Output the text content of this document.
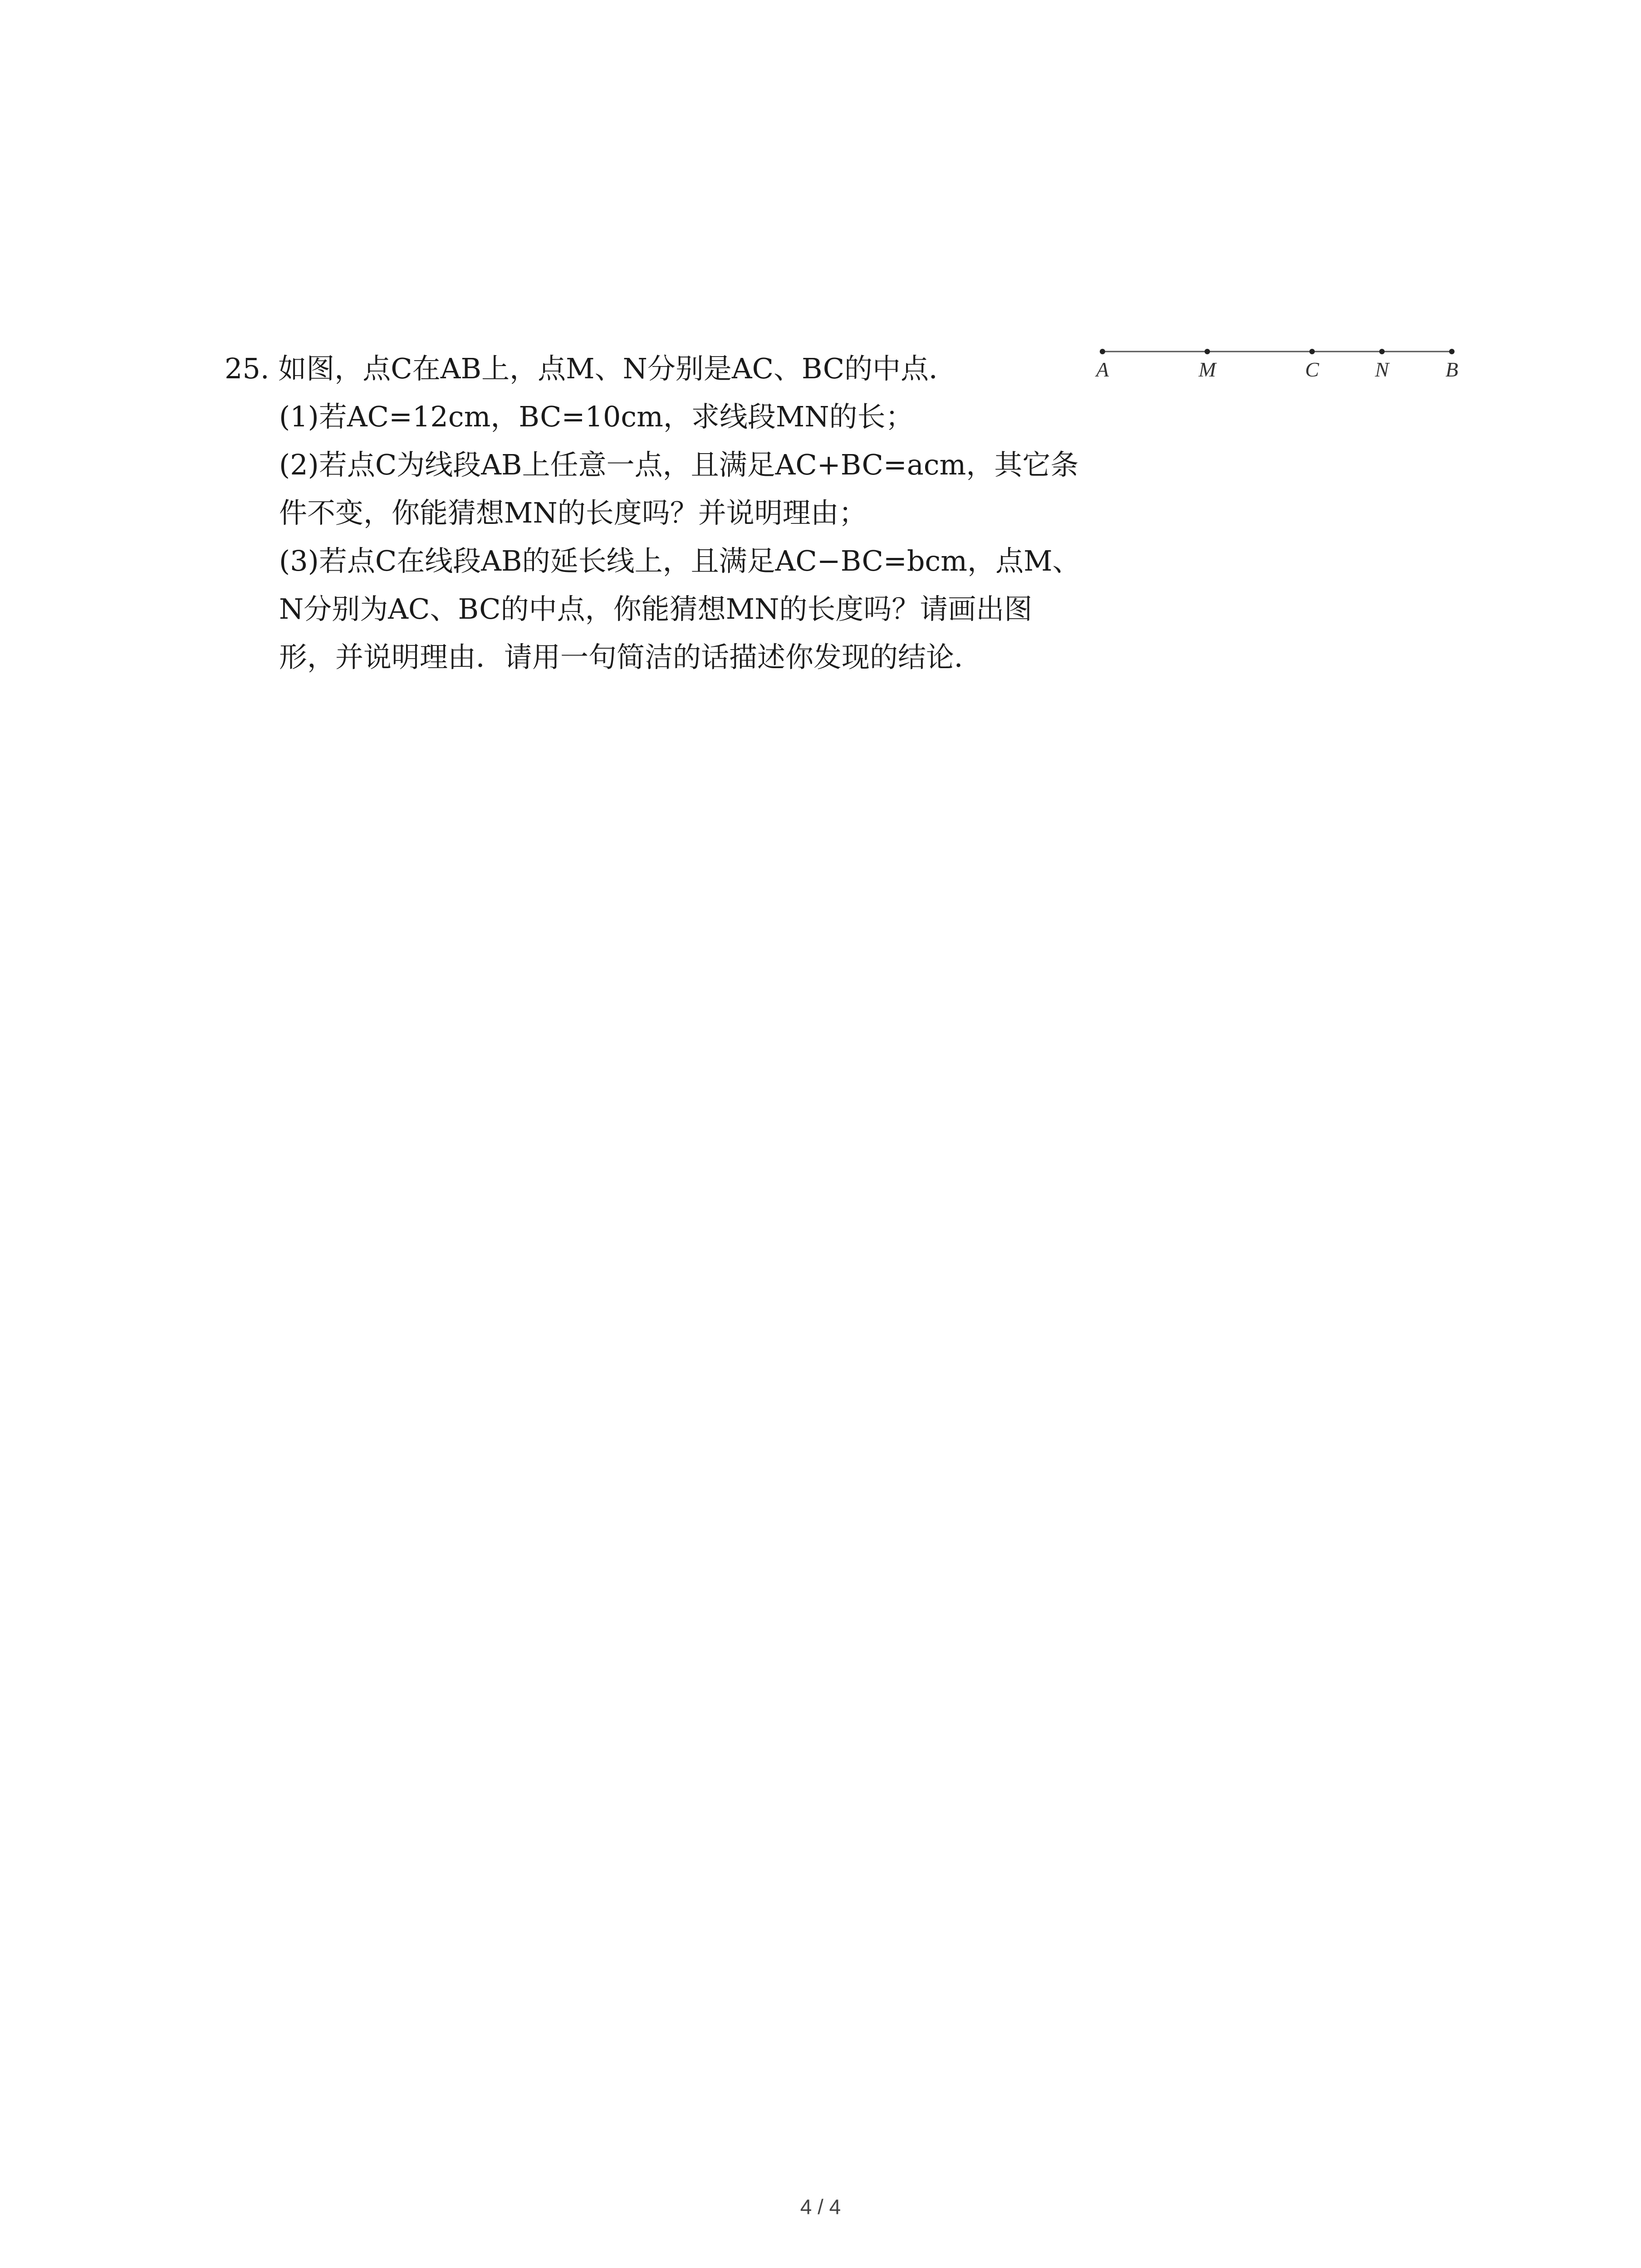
25. 如图，点C在AB上，点M、N分别是AC、BC的中点．

(1)若AC=12cm，BC=10cm，求线段MN的长；

(2)若点C为线段AB上任意一点，且满足AC+BC=acm，其它条

件不变，你能猜想MN的长度吗？并说明理由；

(3)若点C在线段AB的延长线上，且满足AC−BC=bcm，点M、

N分别为AC、BC的中点，你能猜想MN的长度吗？请画出图

形，并说明理由．请用一句简洁的话描述你发现的结论．

A	M	C	N	B
4 / 4
